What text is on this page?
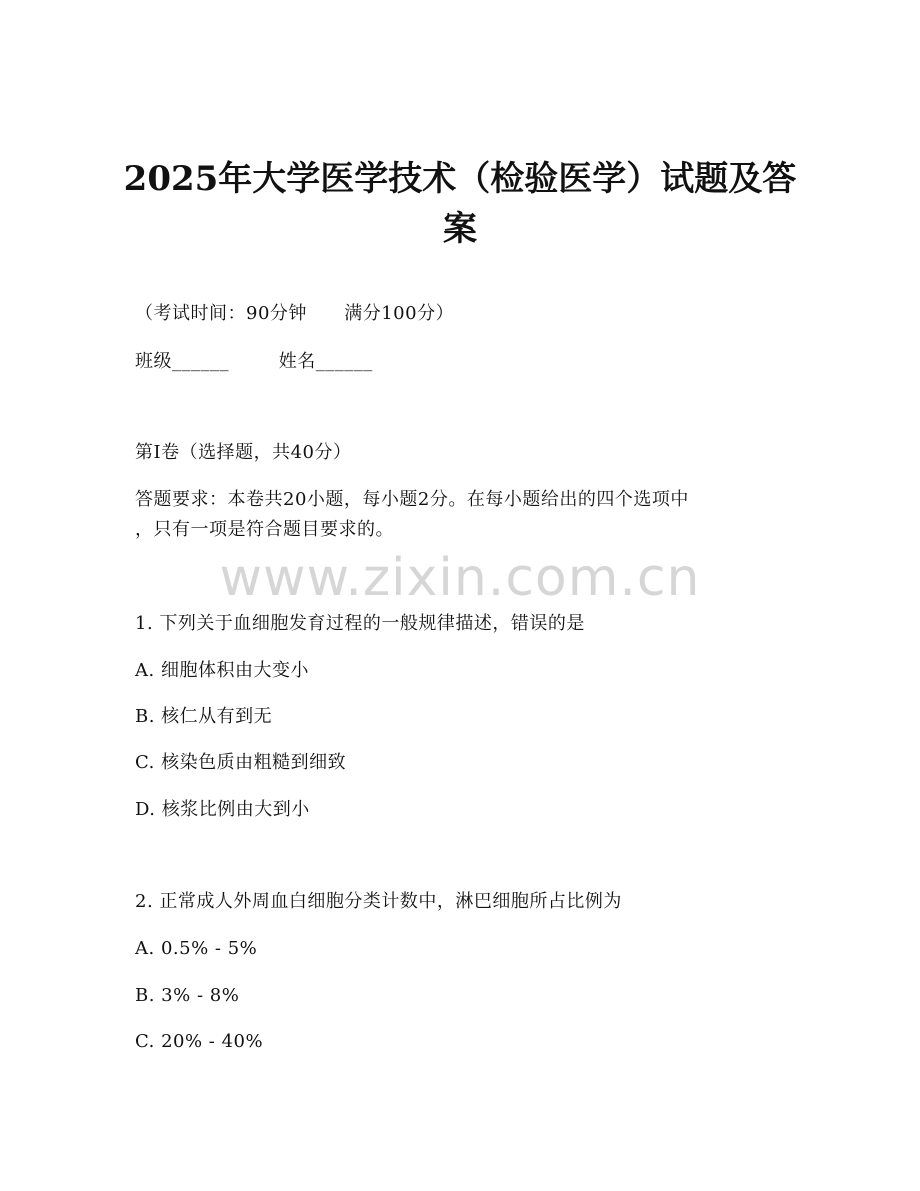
2025年大学医学技术（检验医学）试题及答
案
（考试时间：90分钟      满分100分）
班级______        姓名______
第I卷（选择题，共40分）
答题要求：本卷共20小题，每小题2分。在每小题给出的四个选项中
，只有一项是符合题目要求的。
www.zixin.com.cn
1. 下列关于血细胞发育过程的一般规律描述，错误的是
A. 细胞体积由大变小
B. 核仁从有到无
C. 核染色质由粗糙到细致
D. 核浆比例由大到小
2. 正常成人外周血白细胞分类计数中，淋巴细胞所占比例为
A. 0.5% - 5%
B. 3% - 8%
C. 20% - 40%
